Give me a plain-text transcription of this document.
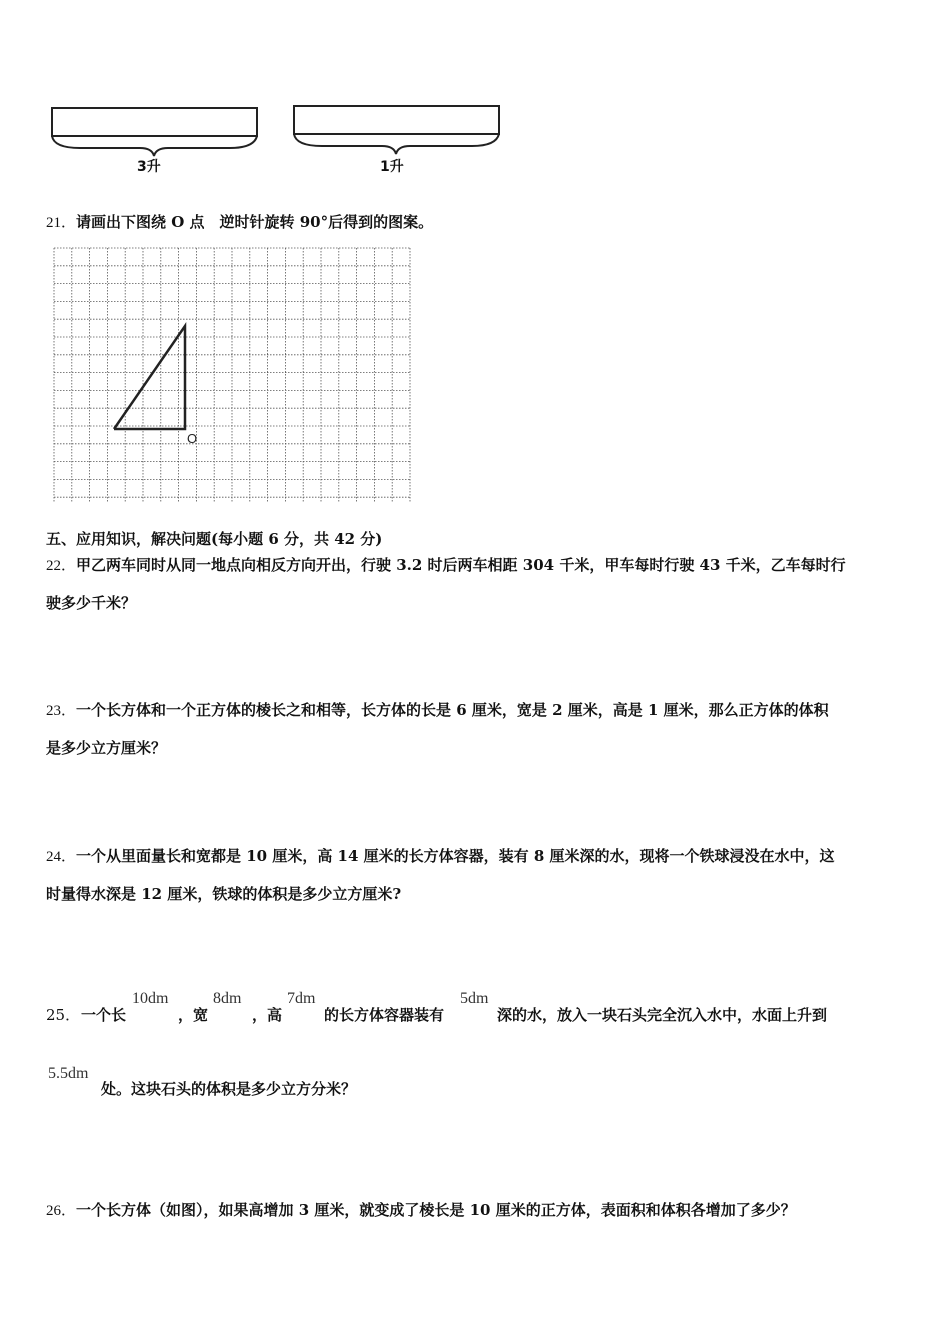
3升	1升
21．请画出下图绕 O 点　逆时针旋转 90°后得到的图案。
O
五、应用知识，解决问题(每小题 6 分，共 42 分)
22．甲乙两车同时从同一地点向相反方向开出，行驶 3.2 时后两车相距 304 千米，甲车每时行驶 43 千米，乙车每时行
驶多少千米？
23．一个长方体和一个正方体的棱长之和相等，长方体的长是 6 厘米，宽是 2 厘米，高是 1 厘米，那么正方体的体积
是多少立方厘米？
24．一个从里面量长和宽都是 10 厘米，高 14 厘米的长方体容器，装有 8 厘米深的水，现将一个铁球浸没在水中，这
时量得水深是 12 厘米，铁球的体积是多少立方厘米?
25． 一个长
10dm
，宽
8dm
，高
7dm
的长方体容器装有
5dm
深的水，放入一块石头完全沉入水中，水面上升到
5.5dm
处。这块石头的体积是多少立方分米？
26．一个长方体（如图），如果高增加 3 厘米，就变成了棱长是 10 厘米的正方体，表面积和体积各增加了多少？
